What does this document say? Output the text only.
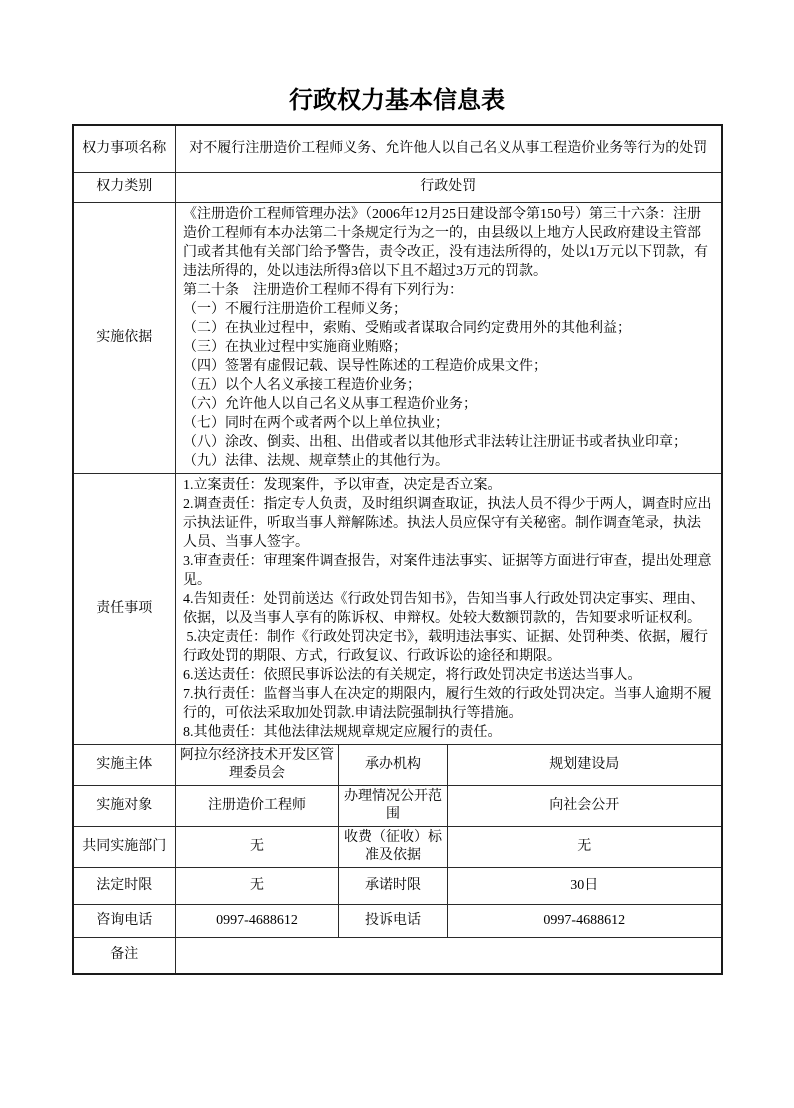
行政权力基本信息表
权力事项名称	对不履行注册造价工程师义务、允许他人以自己名义从事工程造价业务等行为的处罚		
权力类别	行政处罚		
实施依据	《注册造价工程师管理办法》（2006年12月25日建设部令第150号）第三十六条：注册造价工程师有本办法第二十条规定行为之一的，由县级以上地方人民政府建设主管部门或者其他有关部门给予警告，责令改正，没有违法所得的，处以1万元以下罚款，有违法所得的，处以违法所得3倍以下且不超过3万元的罚款。
第二十条　注册造价工程师不得有下列行为：
（一）不履行注册造价工程师义务；
（二）在执业过程中，索贿、受贿或者谋取合同约定费用外的其他利益；
（三）在执业过程中实施商业贿赂；
（四）签署有虚假记载、误导性陈述的工程造价成果文件；
（五）以个人名义承接工程造价业务；
（六）允许他人以自己名义从事工程造价业务；
（七）同时在两个或者两个以上单位执业；
（八）涂改、倒卖、出租、出借或者以其他形式非法转让注册证书或者执业印章；
（九）法律、法规、规章禁止的其他行为。
责任事项	1.立案责任：发现案件，予以审查，决定是否立案。
2.调查责任：指定专人负责，及时组织调查取证，执法人员不得少于两人，调查时应出示执法证件，听取当事人辩解陈述。执法人员应保守有关秘密。制作调查笔录，执法人员、当事人签字。
3.审查责任：审理案件调查报告，对案件违法事实、证据等方面进行审查，提出处理意见。
4.告知责任：处罚前送达《行政处罚告知书》，告知当事人行政处罚决定事实、理由、依据，以及当事人享有的陈诉权、申辩权。处较大数额罚款的，告知要求听证权利。
5.决定责任：制作《行政处罚决定书》，载明违法事实、证据、处罚种类、依据，履行行政处罚的期限、方式，行政复议、行政诉讼的途径和期限。
6.送达责任：依照民事诉讼法的有关规定，将行政处罚决定书送达当事人。
7.执行责任：监督当事人在决定的期限内，履行生效的行政处罚决定。当事人逾期不履行的，可依法采取加处罚款.申请法院强制执行等措施。
8.其他责任：其他法律法规规章规定应履行的责任。
实施主体	阿拉尔经济技术开发区管理委员会	承办机构	规划建设局
实施对象	注册造价工程师	办理情况公开范围	向社会公开
共同实施部门	无	收费（征收）标准及依据	无
法定时限	无	承诺时限	30日
咨询电话	0997-4688612	投诉电话	0997-4688612
备注			
